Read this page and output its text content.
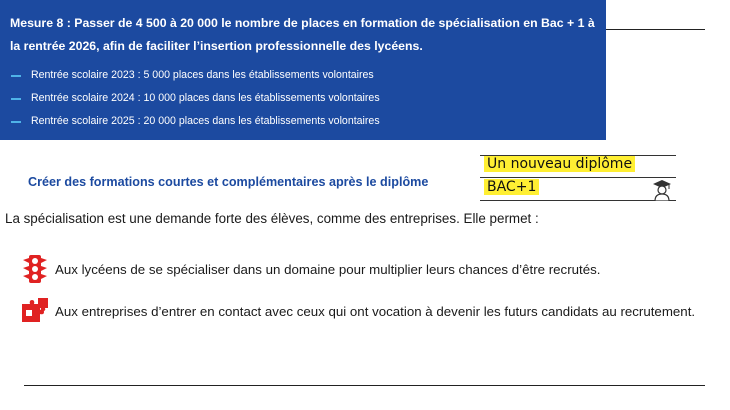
Mesure 8 : Passer de 4 500 à 20 000 le nombre de places en formation de spécialisation en Bac + 1 à la rentrée 2026, afin de faciliter l’insertion professionnelle des lycéens.

Rentrée scolaire 2023 : 5 000 places dans les établissements volontaires
Rentrée scolaire 2024 : 10 000 places dans les établissements volontaires
Rentrée scolaire 2025 : 20 000 places dans les établissements volontaires

Créer des formations courtes et complémentaires après le diplôme

Un nouveau diplôme
BAC+1

La spécialisation est une demande forte des élèves, comme des entreprises. Elle permet :

Aux lycéens de se spécialiser dans un domaine pour multiplier leurs chances d’être recrutés.
Aux entreprises d’entrer en contact avec ceux qui ont vocation à devenir les futurs candidats au recrutement.
